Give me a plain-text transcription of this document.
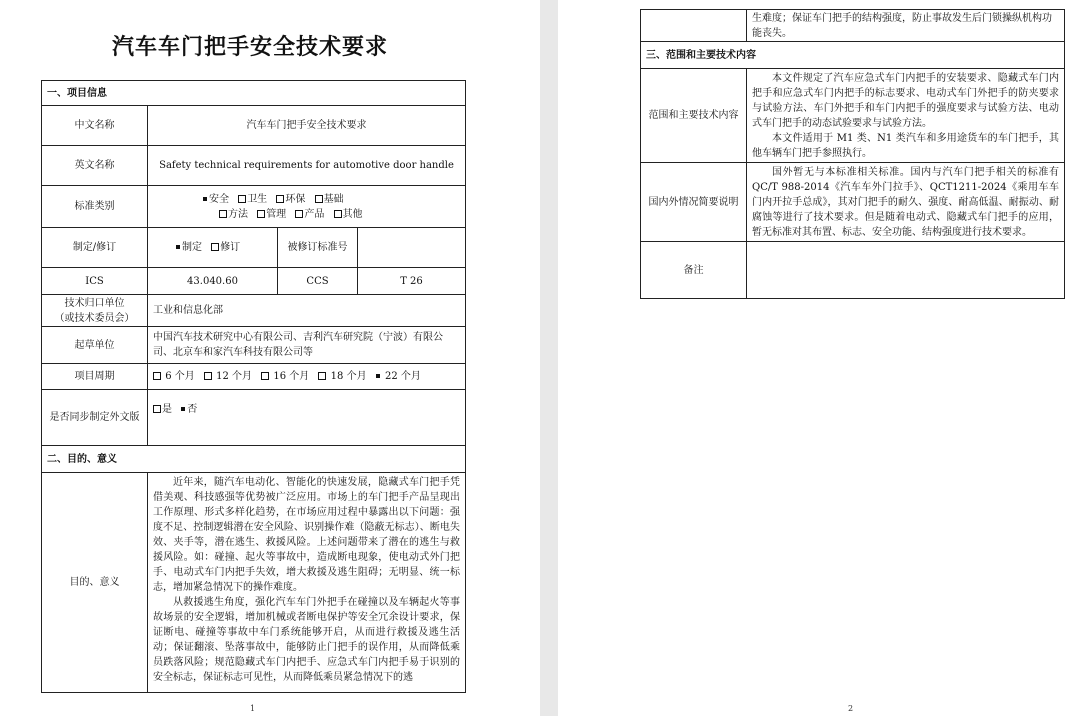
汽车车门把手安全技术要求
一、项目信息			
中文名称	汽车车门把手安全技术要求		
英文名称	Safety technical requirements for automotive door handle		
标准类别	安全 卫生 环保 基础
方法 管理 产品 其他		

制定/修订	制定 修订	被修订标准号	
ICS	43.040.60	CCS	T 26

技术归口单位
（或技术委员会）	工业和信息化部		
起草单位	中国汽车技术研究中心有限公司、吉利汽车研究院（宁波）有限公司、北京车和家汽车科技有限公司等		
项目周期	6 个月 12 个月 16 个月 18 个月 22 个月		
是否同步制定外文版	是 否		
二、目的、意义			
目的、意义	近年来，随汽车电动化、智能化的快速发展，隐藏式车门把手凭借美观、科技感强等优势被广泛应用。市场上的车门把手产品呈现出工作原理、形式多样化趋势，在市场应用过程中暴露出以下问题：强度不足、控制逻辑潜在安全风险、识别操作难（隐蔽无标志）、断电失效、夹手等，潜在逃生、救援风险。上述问题带来了潜在的逃生与救援风险。如：碰撞、起火等事故中，造成断电现象，使电动式外门把手、电动式车门内把手失效，增大救援及逃生阻碍；无明显、统一标志，增加紧急情况下的操作难度。

从救援逃生角度，强化汽车车门外把手在碰撞以及车辆起火等事故场景的安全逻辑，增加机械或者断电保护等安全冗余设计要求，保证断电、碰撞等事故中车门系统能够开启，从而进行救援及逃生活动；保证翻滚、坠落事故中，能够防止门把手的误作用，从而降低乘员跌落风险；规范隐藏式车门内把手、应急式车门内把手易于识别的安全标志，保证标志可见性，从而降低乘员紧急情况下的逃		

1
	生难度；保证车门把手的结构强度，防止事故发生后门锁操纵机构功能丧失。
三、范围和主要技术内容	
范围和主要技术内容	本文件规定了汽车应急式车门内把手的安装要求、隐藏式车门内把手和应急式车门内把手的标志要求、电动式车门外把手的防夹要求与试验方法、车门外把手和车门内把手的强度要求与试验方法、电动式车门把手的动态试验要求与试验方法。

本文件适用于 M1 类、N1 类汽车和多用途货车的车门把手，其他车辆车门把手参照执行。

国内外情况简要说明	国外暂无与本标准相关标准。国内与汽车门把手相关的标准有QC/T 988-2014《汽车车外门拉手》、QCT1211-2024《乘用车车门内开拉手总成》，其对门把手的耐久、强度、耐高低温、耐振动、耐腐蚀等进行了技术要求。但是随着电动式、隐藏式车门把手的应用，暂无标准对其布置、标志、安全功能、结构强度进行技术要求。

备注	
2
